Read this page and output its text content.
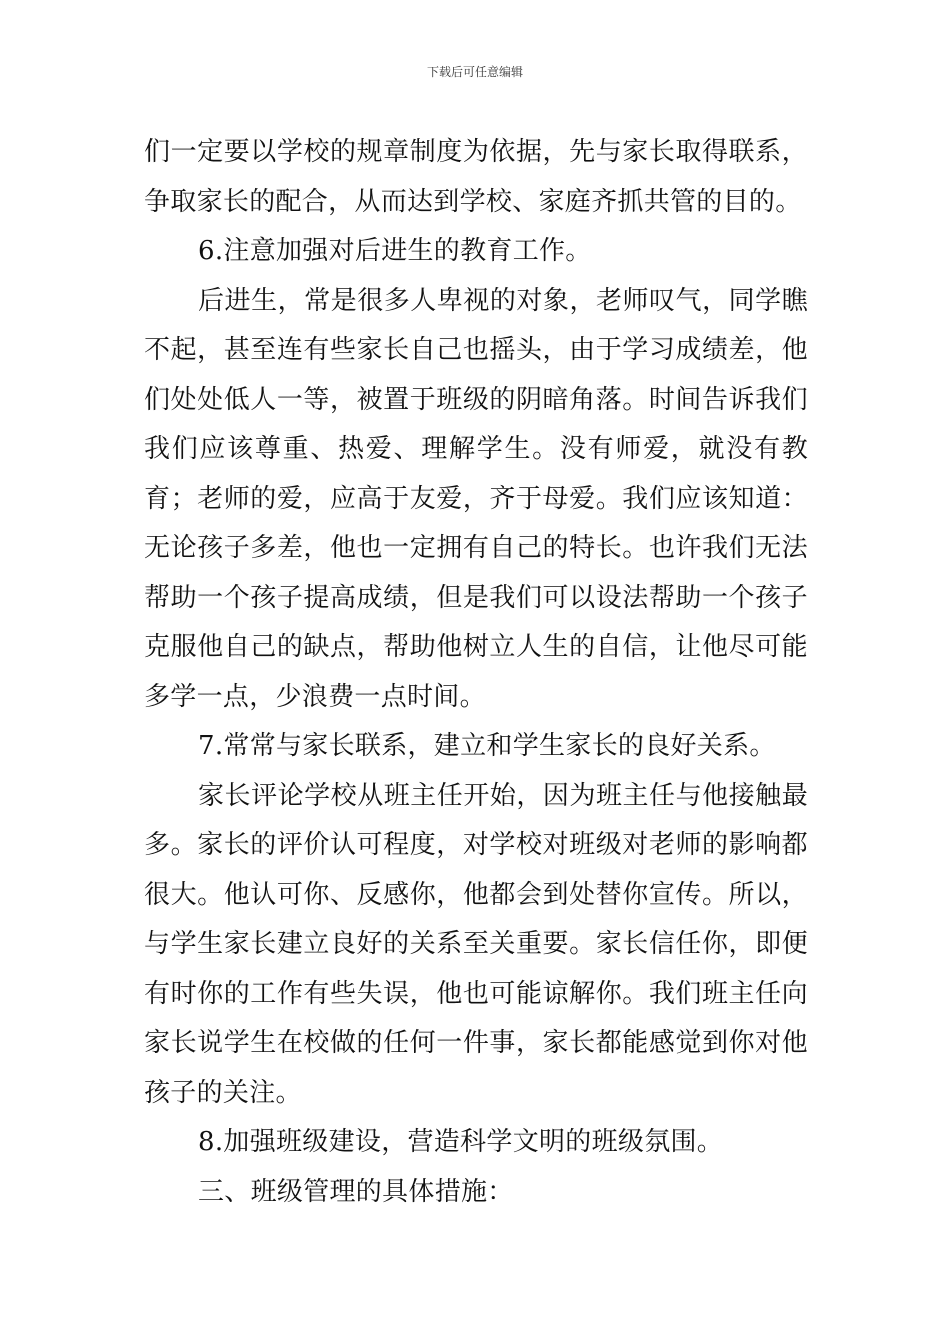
下载后可任意编辑

们一定要以学校的规章制度为依据，先与家长取得联系，争取家长的配合，从而达到学校、家庭齐抓共管的目的。

6.注意加强对后进生的教育工作。

后进生，常是很多人卑视的对象，老师叹气，同学瞧不起，甚至连有些家长自己也摇头，由于学习成绩差，他们处处低人一等，被置于班级的阴暗角落。时间告诉我们我们应该尊重、热爱、理解学生。没有师爱，就没有教育；老师的爱，应高于友爱，齐于母爱。我们应该知道：无论孩子多差，他也一定拥有自己的特长。也许我们无法帮助一个孩子提高成绩，但是我们可以设法帮助一个孩子克服他自己的缺点，帮助他树立人生的自信，让他尽可能多学一点，少浪费一点时间。

7.常常与家长联系，建立和学生家长的良好关系。

家长评论学校从班主任开始，因为班主任与他接触最多。家长的评价认可程度，对学校对班级对老师的影响都很大。他认可你、反感你，他都会到处替你宣传。所以，与学生家长建立良好的关系至关重要。家长信任你，即便有时你的工作有些失误，他也可能谅解你。我们班主任向家长说学生在校做的任何一件事，家长都能感觉到你对他孩子的关注。

8.加强班级建设，营造科学文明的班级氛围。

三、班级管理的具体措施：
